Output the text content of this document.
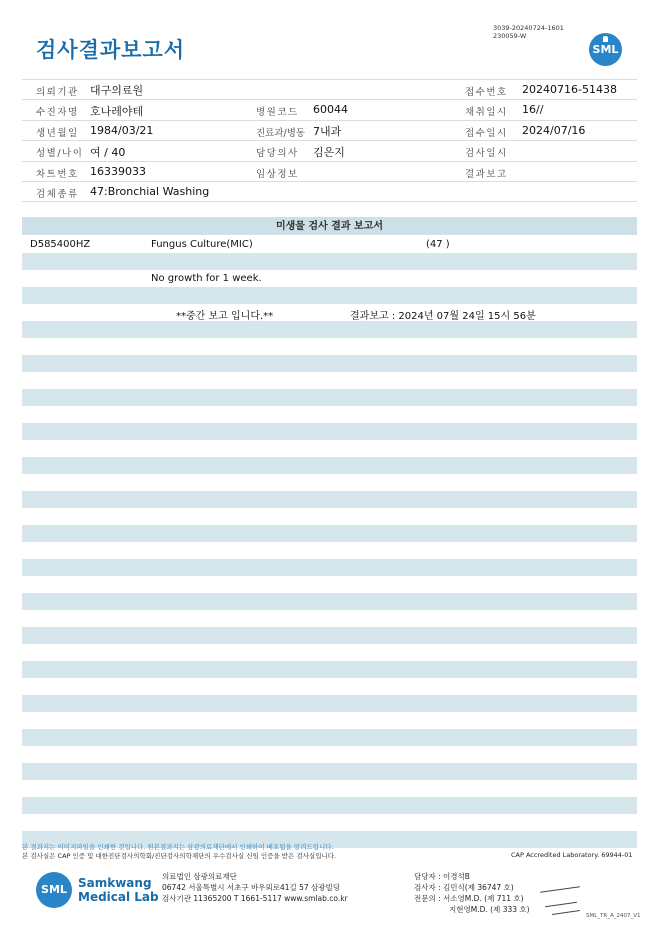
검사결과보고서
3039-20240724-1601
230059-W
SML
의뢰기관 대구의료원	접수번호 20240716-51438
수진자명 호나레야테	병원코드 60044	채취일시 16//
생년월일 1984/03/21	진료과/병동 7내과	접수일시 2024/07/16
성별/나이 여 / 40	담당의사 김은지	검사일시
차트번호 16339033	임상정보	결과보고
검체종류 47:Bronchial Washing
미생물 검사 결과 보고서
D585400HZ	Fungus Culture(MIC)	(47 )
No growth for 1 week.
**중간 보고 입니다.**	결과보고 : 2024년 07월 24일 15시 56분
본 결과지는 이미지파일을 인쇄한 것입니다. 원본결과지는 삼광의료재단에서 인쇄하여 배포됨을 알려드립니다.
본 검사실은 CAP 인증 및 대한진단검사의학회/진단검사의학재단의 우수검사실 신임 인증을 받은 검사실입니다.	CAP Accredited Laboratory. 69944-01
SML Samkwang
Medical Lab
의료법인 삼광의료재단
06742 서울특별시 서초구 바우뫼로41길 57 삼광빌딩
검사기관 11365200 T 1661-5117 www.smlab.co.kr
담당자 : 이경석B
검사자 : 김민식(제 36747 호)
전문의 : 서소영M.D. (제 711 호)
지현영M.D. (제 333 호)
SML_TR_A_2407_V1
